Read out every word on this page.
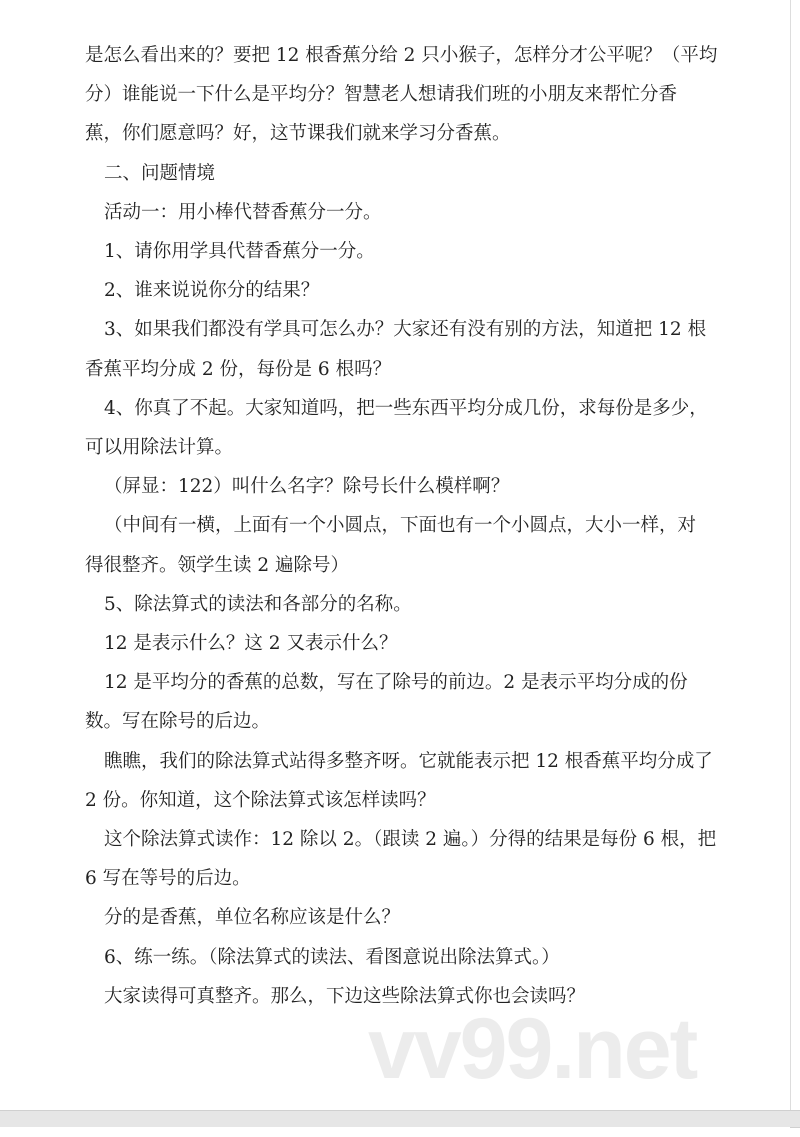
是怎么看出来的？要把 12 根香蕉分给 2 只小猴子，怎样分才公平呢？（平均
分）谁能说一下什么是平均分？智慧老人想请我们班的小朋友来帮忙分香
蕉，你们愿意吗？好，这节课我们就来学习分香蕉。
二、问题情境
活动一：用小棒代替香蕉分一分。
1、请你用学具代替香蕉分一分。
2、谁来说说你分的结果？
3、如果我们都没有学具可怎么办？大家还有没有别的方法，知道把 12 根
香蕉平均分成 2 份，每份是 6 根吗？
4、你真了不起。大家知道吗，把一些东西平均分成几份，求每份是多少，
可以用除法计算。
（屏显：122）叫什么名字？除号长什么模样啊？
（中间有一横，上面有一个小圆点，下面也有一个小圆点，大小一样，对
得很整齐。领学生读 2 遍除号）
5、除法算式的读法和各部分的名称。
12 是表示什么？这 2 又表示什么？
12 是平均分的香蕉的总数，写在了除号的前边。2 是表示平均分成的份
数。写在除号的后边。
瞧瞧，我们的除法算式站得多整齐呀。它就能表示把 12 根香蕉平均分成了
2 份。你知道，这个除法算式该怎样读吗？
这个除法算式读作：12 除以 2。（跟读 2 遍。）分得的结果是每份 6 根，把
6 写在等号的后边。
分的是香蕉，单位名称应该是什么？
6、练一练。（除法算式的读法、看图意说出除法算式。）
大家读得可真整齐。那么，下边这些除法算式你也会读吗？
vv99.net
